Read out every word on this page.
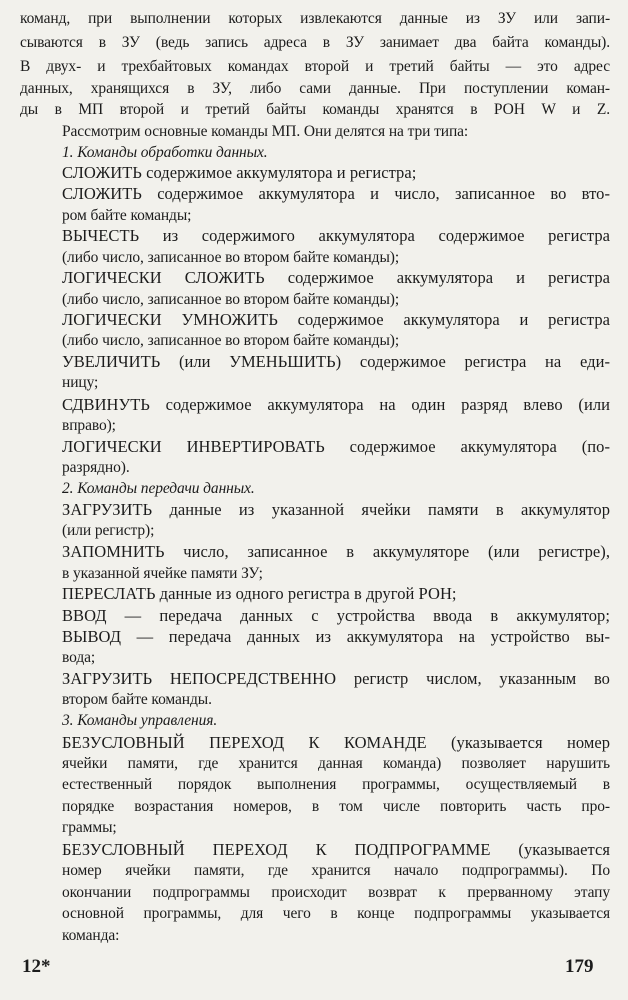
команд, при выполнении которых извлекаются данные из ЗУ или запи-
сываются в ЗУ (ведь запись адреса в ЗУ занимает два байта команды).
В двух- и трехбайтовых командах второй и третий байты — это адрес
данных, хранящихся в ЗУ, либо сами данные. При поступлении коман-
ды в МП второй и третий байты команды хранятся в РОН W и Z.
Рассмотрим основные команды МП. Они делятся на три типа:
1. Команды обработки данных.
СЛОЖИТЬ содержимое аккумулятора и регистра;
СЛОЖИТЬ содержимое аккумулятора и число, записанное во вто-
ром байте команды;
ВЫЧЕСТЬ из содержимого аккумулятора содержимое регистра
(либо число, записанное во втором байте команды);
ЛОГИЧЕСКИ СЛОЖИТЬ содержимое аккумулятора и регистра
(либо число, записанное во втором байте команды);
ЛОГИЧЕСКИ УМНОЖИТЬ содержимое аккумулятора и регистра
(либо число, записанное во втором байте команды);
УВЕЛИЧИТЬ (или УМЕНЬШИТЬ) содержимое регистра на еди-
ницу;
СДВИНУТЬ содержимое аккумулятора на один разряд влево (или
вправо);
ЛОГИЧЕСКИ ИНВЕРТИРОВАТЬ содержимое аккумулятора (по-
разрядно).
2. Команды передачи данных.
ЗАГРУЗИТЬ данные из указанной ячейки памяти в аккумулятор
(или регистр);
ЗАПОМНИТЬ число, записанное в аккумуляторе (или регистре),
в указанной ячейке памяти ЗУ;
ПЕРЕСЛАТЬ данные из одного регистра в другой РОН;
ВВОД — передача данных с устройства ввода в аккумулятор;
ВЫВОД — передача данных из аккумулятора на устройство вы-
вода;
ЗАГРУЗИТЬ НЕПОСРЕДСТВЕННО регистр числом, указанным во
втором байте команды.
3. Команды управления.
БЕЗУСЛОВНЫЙ ПЕРЕХОД К КОМАНДЕ (указывается номер
ячейки памяти, где хранится данная команда) позволяет нарушить
естественный порядок выполнения программы, осуществляемый в
порядке возрастания номеров, в том числе повторить часть про-
граммы;
БЕЗУСЛОВНЫЙ ПЕРЕХОД К ПОДПРОГРАММЕ (указывается
номер ячейки памяти, где хранится начало подпрограммы). По
окончании подпрограммы происходит возврат к прерванному этапу
основной программы, для чего в конце подпрограммы указывается
команда:
12*	179
